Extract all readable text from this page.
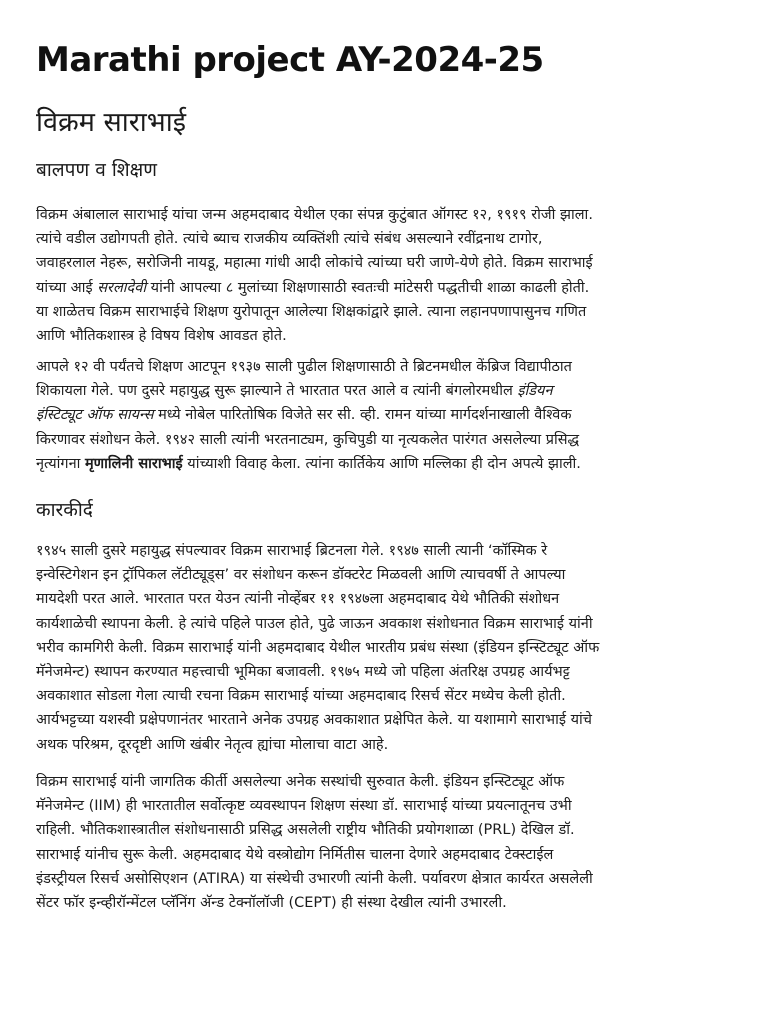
Marathi project AY-2024-25
विक्रम साराभाई
बालपण व शिक्षण
विक्रम अंबालाल साराभाई यांचा जन्म अहमदाबाद येथील एका संपन्न कुटुंबात ऑगस्ट १२, १९१९ रोजी झाला.
त्यांचे वडील उद्योगपती होते. त्यांचे ब्याच राजकीय व्यक्तिंशी त्यांचे संबंध असल्याने रवींद्रनाथ टागोर,
जवाहरलाल नेहरू, सरोजिनी नायडू, महात्मा गांधी आदी लोकांचे त्यांच्या घरी जाणे-येणे होते. विक्रम साराभाई
यांच्या आई सरलादेवी यांनी आपल्या ८ मुलांच्या शिक्षणासाठी स्वतःची मांटेसरी पद्धतीची शाळा काढली होती.
या शाळेतच विक्रम साराभाईचे शिक्षण युरोपातून आलेल्या शिक्षकांद्वारे झाले. त्याना लहानपणापासुनच गणित
आणि भौतिकशास्त्र हे विषय विशेष आवडत होते.
आपले १२ वी पर्यंतचे शिक्षण आटपून १९३७ साली पुढील शिक्षणासाठी ते ब्रिटनमधील केंब्रिज विद्यापीठात
शिकायला गेले. पण दुसरे महायुद्ध सुरू झाल्याने ते भारतात परत आले व त्यांनी बंगलोरमधील इंडियन
इंस्टिट्यूट ऑफ सायन्स मध्ये नोबेल पारितोषिक विजेते सर सी. व्ही. रामन यांच्या मार्गदर्शनाखाली वैश्विक
किरणावर संशोधन केले. १९४२ साली त्यांनी भरतनाट्यम, कुचिपुडी या नृत्यकलेत पारंगत असलेल्या प्रसिद्ध
नृत्यांगना मृणालिनी साराभाई यांच्याशी विवाह केला. त्यांना कार्तिकेय आणि मल्लिका ही दोन अपत्ये झाली.
कारकीर्द
१९४५ साली दुसरे महायुद्ध संपल्यावर विक्रम साराभाई ब्रिटनला गेले. १९४७ साली त्यानी ‘कॉस्मिक रे
इन्वेस्टिगेशन इन ट्रॉपिकल लॅटीट्यूड्स’ वर संशोधन करून डॉक्टरेट मिळवली आणि त्याचवर्षी ते आपल्या
मायदेशी परत आले. भारतात परत येउन त्यांनी नोव्हेंबर ११ १९४७ला अहमदाबाद येथे भौतिकी संशोधन
कार्यशाळेची स्थापना केली. हे त्यांचे पहिले पाउल होते, पुढे जाऊन अवकाश संशोधनात विक्रम साराभाई यांनी
भरीव कामगिरी केली. विक्रम साराभाई यांनी अहमदाबाद येथील भारतीय प्रबंध संस्था (इंडियन इन्स्टिट्यूट ऑफ
मॅनेजमेन्ट) स्थापन करण्यात महत्त्वाची भूमिका बजावली. १९७५ मध्ये जो पहिला अंतरिक्ष उपग्रह आर्यभट्ट
अवकाशात सोडला गेला त्याची रचना विक्रम साराभाई यांच्या अहमदाबाद रिसर्च सेंटर मध्येच केली होती.
आर्यभट्टच्या यशस्वी प्रक्षेपणानंतर भारताने अनेक उपग्रह अवकाशात प्रक्षेपित केले. या यशामागे साराभाई यांचे
अथक परिश्रम, दूरदृष्टी आणि खंबीर नेतृत्व ह्यांचा मोलाचा वाटा आहे.
विक्रम साराभाई यांनी जागतिक कीर्ती असलेल्या अनेक सस्थांची सुरुवात केली. इंडियन इन्स्टिट्यूट ऑफ
मॅनेजमेन्ट (IIM) ही भारतातील सर्वोत्कृष्ट व्यवस्थापन शिक्षण संस्था डॉ. साराभाई यांच्या प्रयत्नातूनच उभी
राहिली. भौतिकशास्त्रातील संशोधनासाठी प्रसिद्ध असलेली राष्ट्रीय भौतिकी प्रयोगशाळा (PRL) देखिल डॉ.
साराभाई यांनीच सुरू केली. अहमदाबाद येथे वस्त्रोद्योग निर्मितीस चालना देणारे अहमदाबाद टेक्स्टाईल
इंडस्ट्रीयल रिसर्च असोसिएशन (ATIRA) या संस्थेची उभारणी त्यांनी केली. पर्यावरण क्षेत्रात कार्यरत असलेली
सेंटर फॉर इन्व्हीरॉन्मेंटल प्लॅनिंग अ‍ॅन्ड टेक्नॉलॉजी (CEPT) ही संस्था देखील त्यांनी उभारली.
